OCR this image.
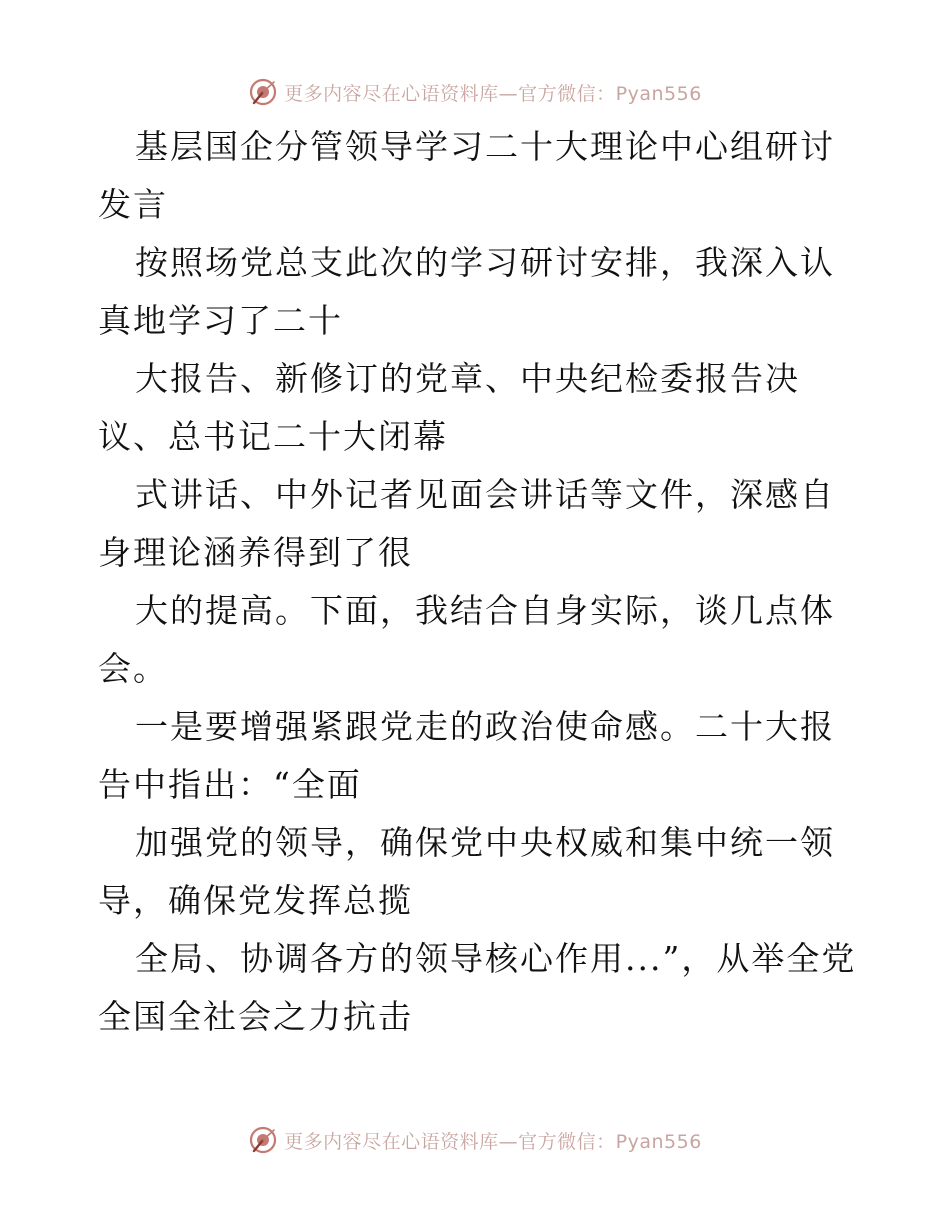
更多内容尽在心语资料库—官方微信：Pyan556

基层国企分管领导学习二十大理论中心组研讨发言

按照场党总支此次的学习研讨安排，我深入认真地学习了二十

大报告、新修订的党章、中央纪检委报告决议、总书记二十大闭幕

式讲话、中外记者见面会讲话等文件，深感自身理论涵养得到了很

大的提高。下面，我结合自身实际，谈几点体会。

一是要增强紧跟党走的政治使命感。二十大报告中指出：“全面

加强党的领导，确保党中央权威和集中统一领导，确保党发挥总揽

全局、协调各方的领导核心作用...”，从举全党全国全社会之力抗击

更多内容尽在心语资料库—官方微信：Pyan556
